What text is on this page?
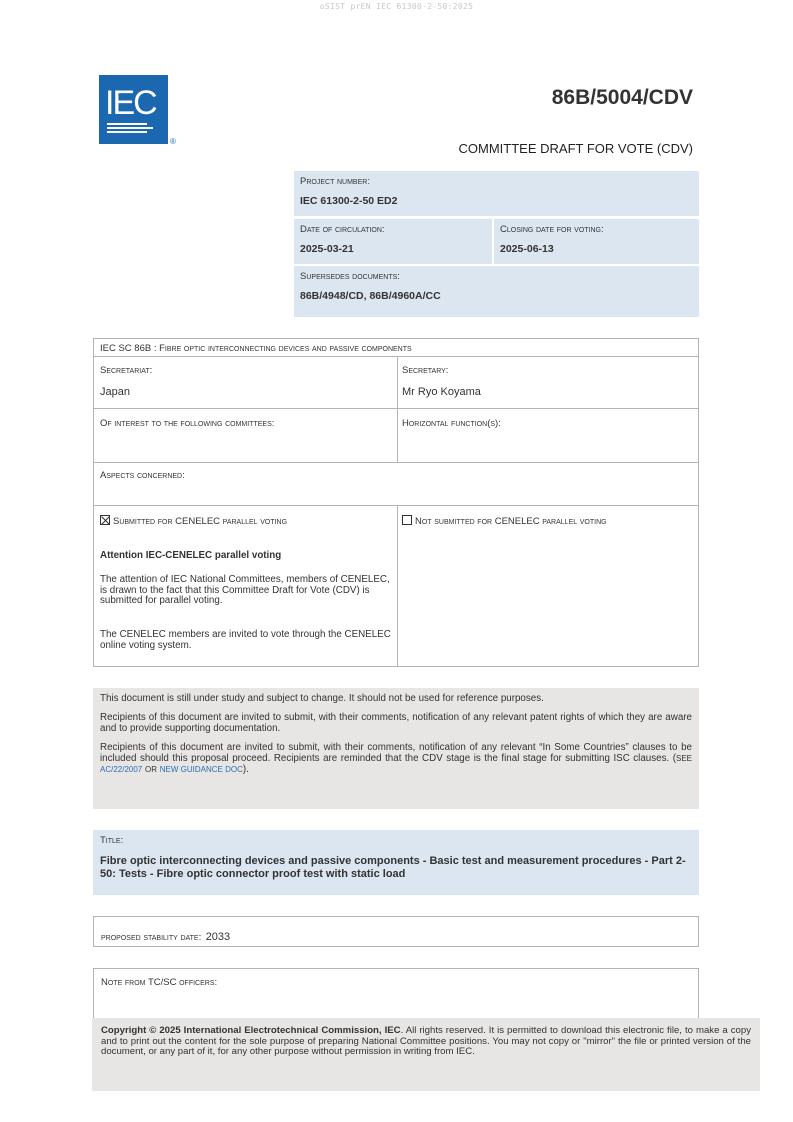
oSIST prEN IEC 61300-2-50:2025
IEC
®
86B/5004/CDV
COMMITTEE DRAFT FOR VOTE (CDV)
Project number:
IEC 61300-2-50 ED2
Date of circulation:
2025-03-21
Closing date for voting:
2025-06-13
Supersedes documents:
86B/4948/CD, 86B/4960A/CC
IEC SC 86B : Fibre optic interconnecting devices and passive components
Secretariat:
Japan
Secretary:
Mr Ryo Koyama
Of interest to the following committees:	Horizontal function(s):
Aspects concerned:
Submitted for CENELEC parallel voting	Not submitted for CENELEC parallel voting
Attention IEC-CENELEC parallel voting
The attention of IEC National Committees, members of CENELEC, is drawn to the fact that this Committee Draft for Vote (CDV) is submitted for parallel voting.
The CENELEC members are invited to vote through the CENELEC online voting system.

This document is still under study and subject to change. It should not be used for reference purposes.

Recipients of this document are invited to submit, with their comments, notification of any relevant patent rights of which they are aware and to provide supporting documentation.

Recipients of this document are invited to submit, with their comments, notification of any relevant “In Some Countries” clauses to be included should this proposal proceed. Recipients are reminded that the CDV stage is the final stage for submitting ISC clauses. (SEE AC/22/2007 OR NEW GUIDANCE DOC).

Title:
Fibre optic interconnecting devices and passive components - Basic test and measurement procedures - Part 2-50: Tests - Fibre optic connector proof test with static load
proposed stability date: 2033
Note from TC/SC officers:

Copyright © 2025 International Electrotechnical Commission, IEC. All rights reserved. It is permitted to download this electronic file, to make a copy and to print out the content for the sole purpose of preparing National Committee positions. You may not copy or "mirror" the file or printed version of the document, or any part of it, for any other purpose without permission in writing from IEC.
